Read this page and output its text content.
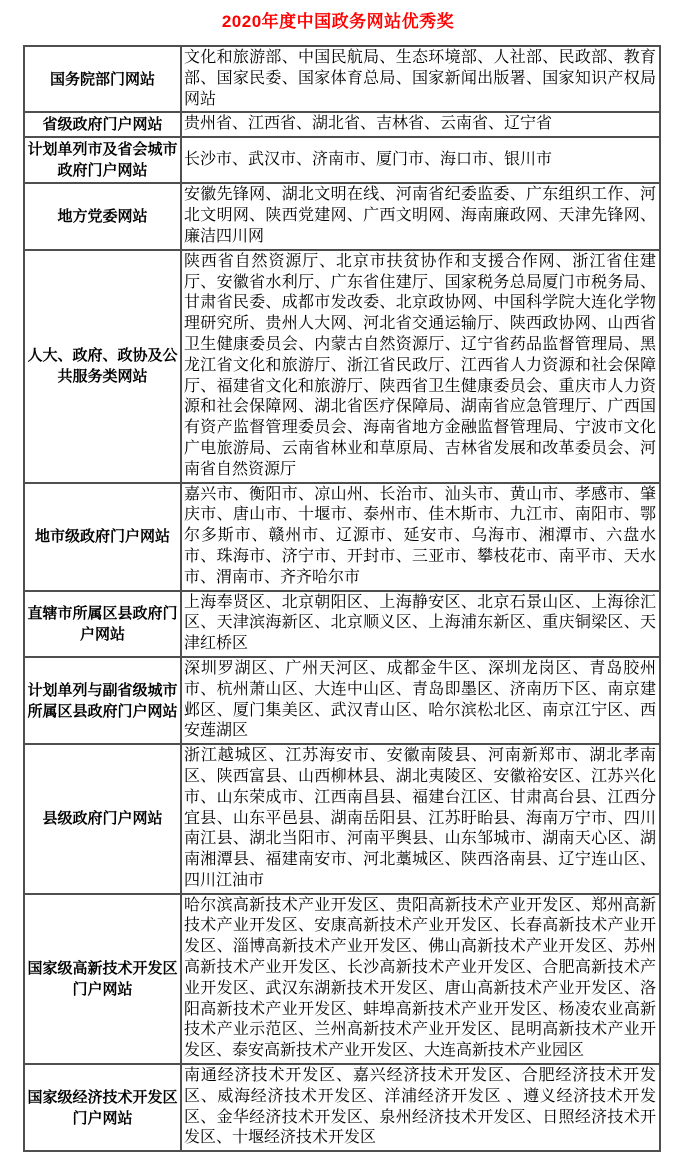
2020年度中国政务网站优秀奖
国务院部门网站	文化和旅游部、中国民航局、生态环境部、人社部、民政部、教育部、国家民委、国家体育总局、国家新闻出版署、国家知识产权局网站
省级政府门户网站	贵州省、江西省、湖北省、吉林省、云南省、辽宁省
计划单列市及省会城市政府门户网站	长沙市、武汉市、济南市、厦门市、海口市、银川市
地方党委网站	安徽先锋网、湖北文明在线、河南省纪委监委、广东组织工作、河北文明网、陕西党建网、广西文明网、海南廉政网、天津先锋网、廉洁四川网
人大、政府、政协及公共服务类网站	陕西省自然资源厅、北京市扶贫协作和支援合作网、浙江省住建厅、安徽省水利厅、广东省住建厅、国家税务总局厦门市税务局、甘肃省民委、成都市发改委、北京政协网、中国科学院大连化学物理研究所、贵州人大网、河北省交通运输厅、陕西政协网、山西省卫生健康委员会、内蒙古自然资源厅、辽宁省药品监督管理局、黑龙江省文化和旅游厅、浙江省民政厅、江西省人力资源和社会保障厅、福建省文化和旅游厅、陕西省卫生健康委员会、重庆市人力资源和社会保障网、湖北省医疗保障局、湖南省应急管理厅、广西国有资产监督管理委员会、海南省地方金融监督管理局、宁波市文化广电旅游局、云南省林业和草原局、吉林省发展和改革委员会、河南省自然资源厅
地市级政府门户网站	嘉兴市、衡阳市、凉山州、长治市、汕头市、黄山市、孝感市、肇庆市、唐山市、十堰市、泰州市、佳木斯市、九江市、南阳市、鄂尔多斯市、赣州市、辽源市、延安市、乌海市、湘潭市、六盘水市、珠海市、济宁市、开封市、三亚市、攀枝花市、南平市、天水市、渭南市、齐齐哈尔市
直辖市所属区县政府门户网站	上海奉贤区、北京朝阳区、上海静安区、北京石景山区、上海徐汇区、天津滨海新区、北京顺义区、上海浦东新区、重庆铜梁区、天津红桥区
计划单列与副省级城市所属区县政府门户网站	深圳罗湖区、广州天河区、成都金牛区、深圳龙岗区、青岛胶州市、杭州萧山区、大连中山区、青岛即墨区、济南历下区、南京建邺区、厦门集美区、武汉青山区、哈尔滨松北区、南京江宁区、西安莲湖区
县级政府门户网站	浙江越城区、江苏海安市、安徽南陵县、河南新郑市、湖北孝南区、陕西富县、山西柳林县、湖北夷陵区、安徽裕安区、江苏兴化市、山东荣成市、江西南昌县、福建台江区、甘肃高台县、江西分宜县、山东平邑县、湖南岳阳县、江苏盱眙县、海南万宁市、四川南江县、湖北当阳市、河南平舆县、山东邹城市、湖南天心区、湖南湘潭县、福建南安市、河北藁城区、陕西洛南县、辽宁连山区、四川江油市
国家级高新技术开发区门户网站	哈尔滨高新技术产业开发区、贵阳高新技术产业开发区、郑州高新技术产业开发区、安康高新技术产业开发区、长春高新技术产业开发区、淄博高新技术产业开发区、佛山高新技术产业开发区、苏州高新技术产业开发区、长沙高新技术产业开发区、合肥高新技术产业开发区、武汉东湖新技术开发区、唐山高新技术产业开发区、洛阳高新技术产业开发区、蚌埠高新技术产业开发区、杨凌农业高新技术产业示范区、兰州高新技术产业开发区、昆明高新技术产业开发区、泰安高新技术产业开发区、大连高新技术产业园区
国家级经济技术开发区门户网站	南通经济技术开发区、嘉兴经济技术开发区、合肥经济技术开发区、威海经济技术开发区、洋浦经济开发区 、遵义经济技术开发区、金华经济技术开发区、泉州经济技术开发区、日照经济技术开发区、十堰经济技术开发区
